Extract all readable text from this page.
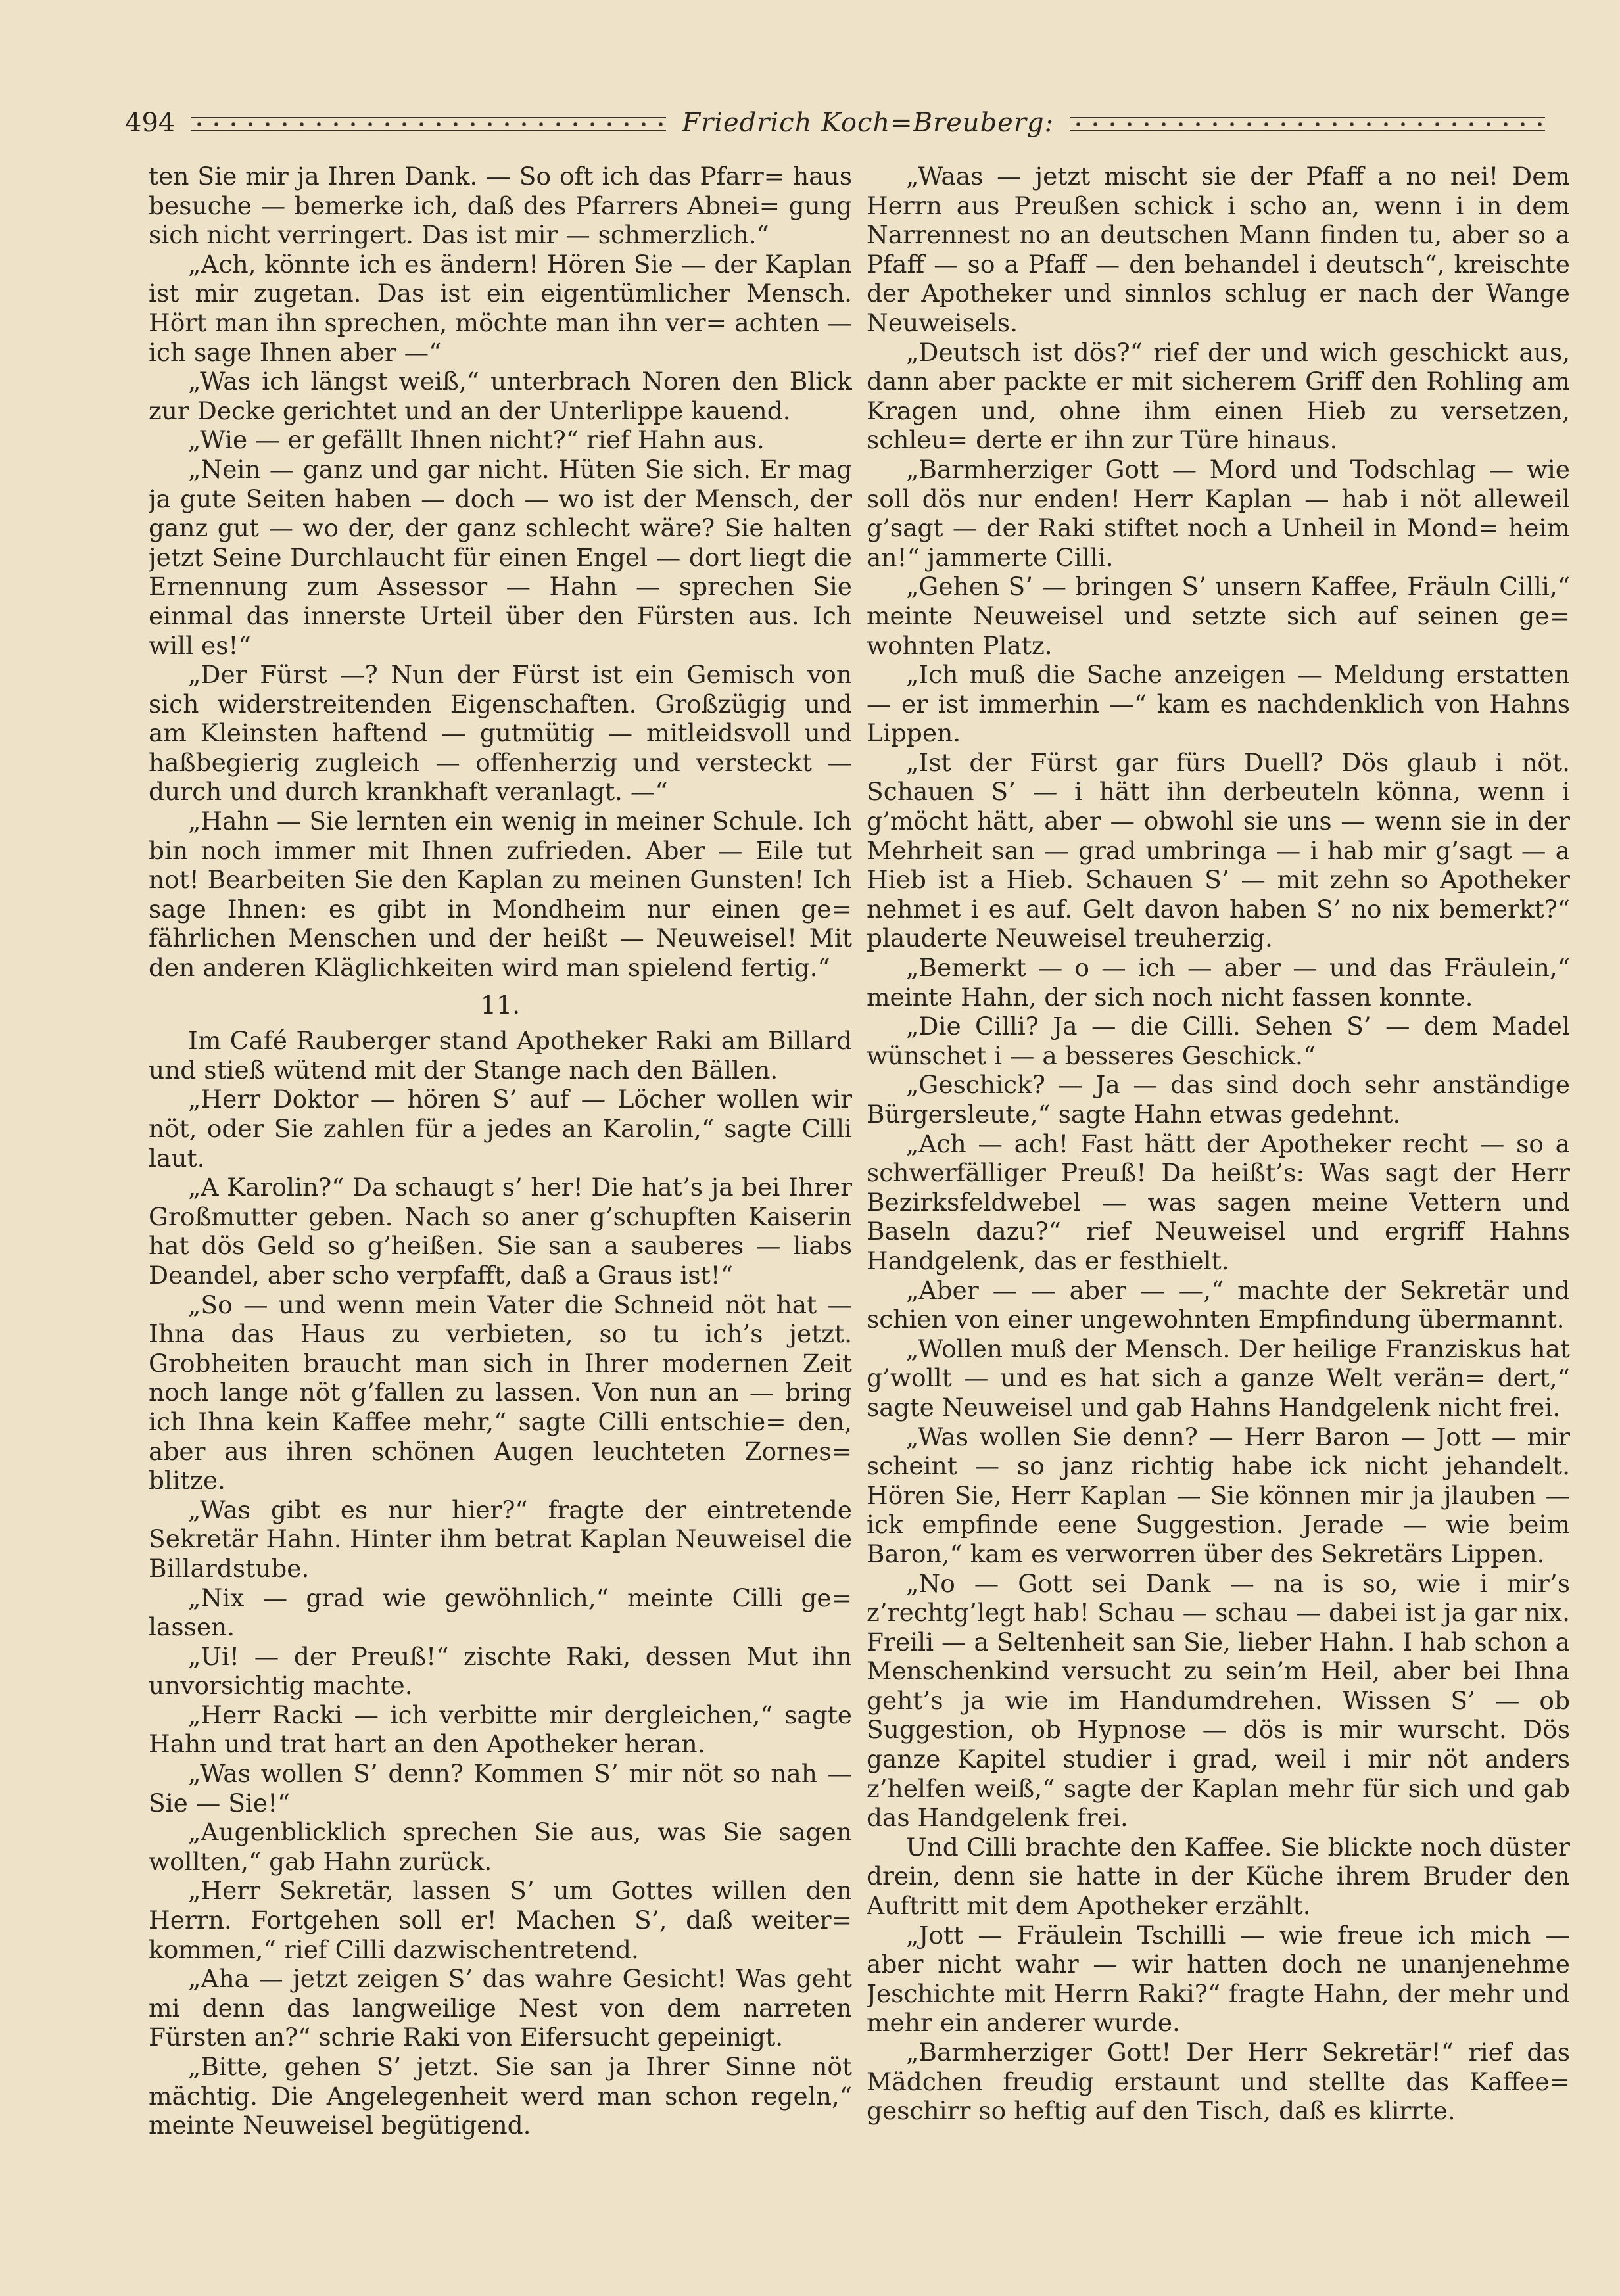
494	Friedrich Koch=Breuberg:

ten Sie mir ja Ihren Dank. — So oft ich das Pfarr= haus besuche — bemerke ich, daß des Pfarrers Abnei= gung sich nicht verringert. Das ist mir — schmerzlich.“

„Ach, könnte ich es ändern! Hören Sie — der Kaplan ist mir zugetan. Das ist ein eigentümlicher Mensch. Hört man ihn sprechen, möchte man ihn ver= achten — ich sage Ihnen aber —“

„Was ich längst weiß,“ unterbrach Noren den Blick zur Decke gerichtet und an der Unterlippe kauend.

„Wie — er gefällt Ihnen nicht?“ rief Hahn aus.

„Nein — ganz und gar nicht. Hüten Sie sich. Er mag ja gute Seiten haben — doch — wo ist der Mensch, der ganz gut — wo der, der ganz schlecht wäre? Sie halten jetzt Seine Durchlaucht für einen Engel — dort liegt die Ernennung zum Assessor — Hahn — sprechen Sie einmal das innerste Urteil über den Fürsten aus. Ich will es!“

„Der Fürst —? Nun der Fürst ist ein Gemisch von sich widerstreitenden Eigenschaften. Großzügig und am Kleinsten haftend — gutmütig — mitleidsvoll und haßbegierig zugleich — offenherzig und versteckt — durch und durch krankhaft veranlagt. —“

„Hahn — Sie lernten ein wenig in meiner Schule. Ich bin noch immer mit Ihnen zufrieden. Aber — Eile tut not! Bearbeiten Sie den Kaplan zu meinen Gunsten! Ich sage Ihnen: es gibt in Mondheim nur einen ge= fährlichen Menschen und der heißt — Neuweisel! Mit den anderen Kläglichkeiten wird man spielend fertig.“

11.

Im Café Rauberger stand Apotheker Raki am Billard und stieß wütend mit der Stange nach den Bällen.

„Herr Doktor — hören S’ auf — Löcher wollen wir nöt, oder Sie zahlen für a jedes an Karolin,“ sagte Cilli laut.

„A Karolin?“ Da schaugt s’ her! Die hat’s ja bei Ihrer Großmutter geben. Nach so aner g’schupften Kaiserin hat dös Geld so g’heißen. Sie san a sauberes — liabs Deandel, aber scho verpfafft, daß a Graus ist!“

„So — und wenn mein Vater die Schneid nöt hat — Ihna das Haus zu verbieten, so tu ich’s jetzt. Grobheiten braucht man sich in Ihrer modernen Zeit noch lange nöt g’fallen zu lassen. Von nun an — bring ich Ihna kein Kaffee mehr,“ sagte Cilli entschie= den, aber aus ihren schönen Augen leuchteten Zornes= blitze.

„Was gibt es nur hier?“ fragte der eintretende Sekretär Hahn. Hinter ihm betrat Kaplan Neuweisel die Billardstube.

„Nix — grad wie gewöhnlich,“ meinte Cilli ge= lassen.

„Ui! — der Preuß!“ zischte Raki, dessen Mut ihn unvorsichtig machte.

„Herr Racki — ich verbitte mir dergleichen,“ sagte Hahn und trat hart an den Apotheker heran.

„Was wollen S’ denn? Kommen S’ mir nöt so nah — Sie — Sie!“

„Augenblicklich sprechen Sie aus, was Sie sagen wollten,“ gab Hahn zurück.

„Herr Sekretär, lassen S’ um Gottes willen den Herrn. Fortgehen soll er! Machen S’, daß weiter= kommen,“ rief Cilli dazwischentretend.

„Aha — jetzt zeigen S’ das wahre Gesicht! Was geht mi denn das langweilige Nest von dem narreten Fürsten an?“ schrie Raki von Eifersucht gepeinigt.

„Bitte, gehen S’ jetzt. Sie san ja Ihrer Sinne nöt mächtig. Die Angelegenheit werd man schon regeln,“ meinte Neuweisel begütigend.

„Waas — jetzt mischt sie der Pfaff a no nei! Dem Herrn aus Preußen schick i scho an, wenn i in dem Narrennest no an deutschen Mann finden tu, aber so a Pfaff — so a Pfaff — den behandel i deutsch“, kreischte der Apotheker und sinnlos schlug er nach der Wange Neuweisels.

„Deutsch ist dös?“ rief der und wich geschickt aus, dann aber packte er mit sicherem Griff den Rohling am Kragen und, ohne ihm einen Hieb zu versetzen, schleu= derte er ihn zur Türe hinaus.

„Barmherziger Gott — Mord und Todschlag — wie soll dös nur enden! Herr Kaplan — hab i nöt alleweil g’sagt — der Raki stiftet noch a Unheil in Mond= heim an!“ jammerte Cilli.

„Gehen S’ — bringen S’ unsern Kaffee, Fräuln Cilli,“ meinte Neuweisel und setzte sich auf seinen ge= wohnten Platz.

„Ich muß die Sache anzeigen — Meldung erstatten — er ist immerhin —“ kam es nachdenklich von Hahns Lippen.

„Ist der Fürst gar fürs Duell? Dös glaub i nöt. Schauen S’ — i hätt ihn derbeuteln könna, wenn i g’möcht hätt, aber — obwohl sie uns — wenn sie in der Mehrheit san — grad umbringa — i hab mir g’sagt — a Hieb ist a Hieb. Schauen S’ — mit zehn so Apotheker nehmet i es auf. Gelt davon haben S’ no nix bemerkt?“ plauderte Neuweisel treuherzig.

„Bemerkt — o — ich — aber — und das Fräulein,“ meinte Hahn, der sich noch nicht fassen konnte.

„Die Cilli? Ja — die Cilli. Sehen S’ — dem Madel wünschet i — a besseres Geschick.“

„Geschick? — Ja — das sind doch sehr anständige Bürgersleute,“ sagte Hahn etwas gedehnt.

„Ach — ach! Fast hätt der Apotheker recht — so a schwerfälliger Preuß! Da heißt’s: Was sagt der Herr Bezirksfeldwebel — was sagen meine Vettern und Baseln dazu?“ rief Neuweisel und ergriff Hahns Handgelenk, das er festhielt.

„Aber — — aber — —,“ machte der Sekretär und schien von einer ungewohnten Empfindung übermannt.

„Wollen muß der Mensch. Der heilige Franziskus hat g’wollt — und es hat sich a ganze Welt verän= dert,“ sagte Neuweisel und gab Hahns Handgelenk nicht frei.

„Was wollen Sie denn? — Herr Baron — Jott — mir scheint — so janz richtig habe ick nicht jehandelt. Hören Sie, Herr Kaplan — Sie können mir ja jlauben — ick empfinde eene Suggestion. Jerade — wie beim Baron,“ kam es verworren über des Sekretärs Lippen.

„No — Gott sei Dank — na is so, wie i mir’s z’rechtg’legt hab! Schau — schau — dabei ist ja gar nix. Freili — a Seltenheit san Sie, lieber Hahn. I hab schon a Menschenkind versucht zu sein’m Heil, aber bei Ihna geht’s ja wie im Handumdrehen. Wissen S’ — ob Suggestion, ob Hypnose — dös is mir wurscht. Dös ganze Kapitel studier i grad, weil i mir nöt anders z’helfen weiß,“ sagte der Kaplan mehr für sich und gab das Handgelenk frei.

Und Cilli brachte den Kaffee. Sie blickte noch düster drein, denn sie hatte in der Küche ihrem Bruder den Auftritt mit dem Apotheker erzählt.

„Jott — Fräulein Tschilli — wie freue ich mich — aber nicht wahr — wir hatten doch ne unanjenehme Jeschichte mit Herrn Raki?“ fragte Hahn, der mehr und mehr ein anderer wurde.

„Barmherziger Gott! Der Herr Sekretär!“ rief das Mädchen freudig erstaunt und stellte das Kaffee= geschirr so heftig auf den Tisch, daß es klirrte.
